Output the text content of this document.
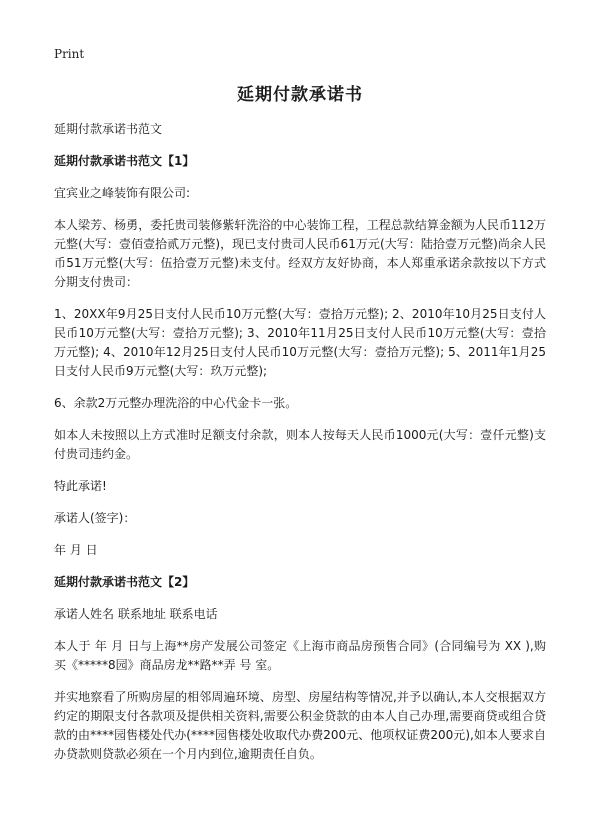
Print
延期付款承诺书
延期付款承诺书范文
延期付款承诺书范文【1】
宜宾业之峰装饰有限公司:
本人梁芳、杨勇，委托贵司装修紫轩洗浴的中心装饰工程，工程总款结算金额为人民币112万元整(大写：壹佰壹拾贰万元整)，现已支付贵司人民币61万元(大写：陆拾壹万元整)尚余人民币51万元整(大写：伍拾壹万元整)未支付。经双方友好协商，本人郑重承诺余款按以下方式分期支付贵司：
1、20XX年9月25日支付人民币10万元整(大写：壹拾万元整); 2、2010年10月25日支付人民币10万元整(大写：壹拾万元整); 3、2010年11月25日支付人民币10万元整(大写：壹拾万元整); 4、2010年12月25日支付人民币10万元整(大写：壹拾万元整); 5、2011年1月25日支付人民币9万元整(大写：玖万元整);
6、余款2万元整办理洗浴的中心代金卡一张。
如本人未按照以上方式准时足额支付余款，则本人按每天人民币1000元(大写：壹仟元整)支付贵司违约金。
特此承诺!
承诺人(签字)：
年 月 日
延期付款承诺书范文【2】
承诺人姓名 联系地址 联系电话
本人于 年 月 日与上海**房产发展公司签定《上海市商品房预售合同》(合同编号为 XX ),购买《*****8园》商品房龙**路**弄 号 室。
并实地察看了所购房屋的相邻周遍环境、房型、房屋结构等情况,并予以确认,本人交根据双方约定的期限支付各款项及提供相关资料,需要公积金贷款的由本人自己办理,需要商贷或组合贷款的由****园售楼处代办(****园售楼处收取代办费200元、他项权证费200元),如本人要求自办贷款则贷款必须在一个月内到位,逾期责任自负。
